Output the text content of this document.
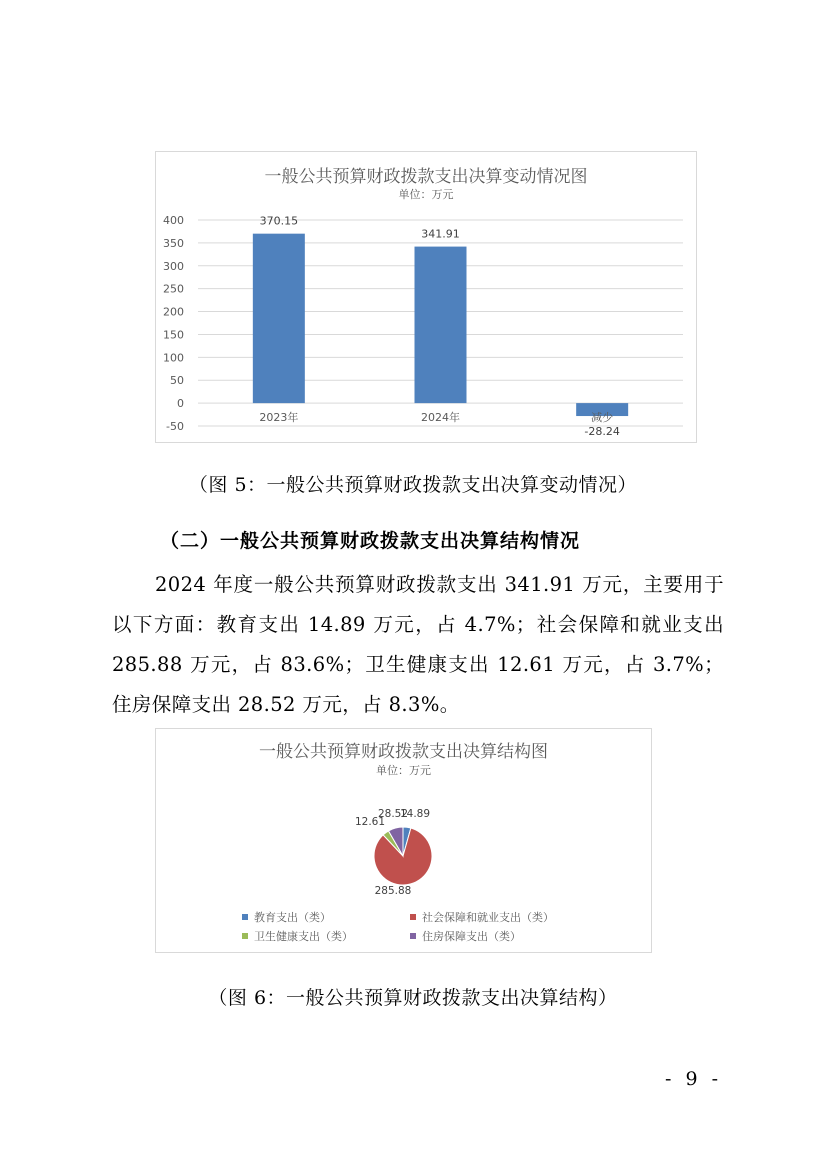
一般公共预算财政拨款支出决算变动情况图
单位：万元
400
350
300
250
200
150
100
50
0
-50
2023年
370.15
2024年
341.91
减少
-28.24
（图 5：一般公共预算财政拨款支出决算变动情况）
（二）一般公共预算财政拨款支出决算结构情况
2024 年度一般公共预算财政拨款支出 341.91 万元，主要用于以下方面：教育支出 14.89 万元，占 4.7%；社会保障和就业支出 285.88 万元，占 83.6%；卫生健康支出 12.61 万元，占 3.7%；住房保障支出 28.52 万元，占 8.3%。
一般公共预算财政拨款支出决算结构图
单位：万元
14.89
285.88
12.61
28.52
教育支出（类）	社会保障和就业支出（类）
卫生健康支出（类）	住房保障支出（类）
（图 6：一般公共预算财政拨款支出决算结构）
- 9 -
